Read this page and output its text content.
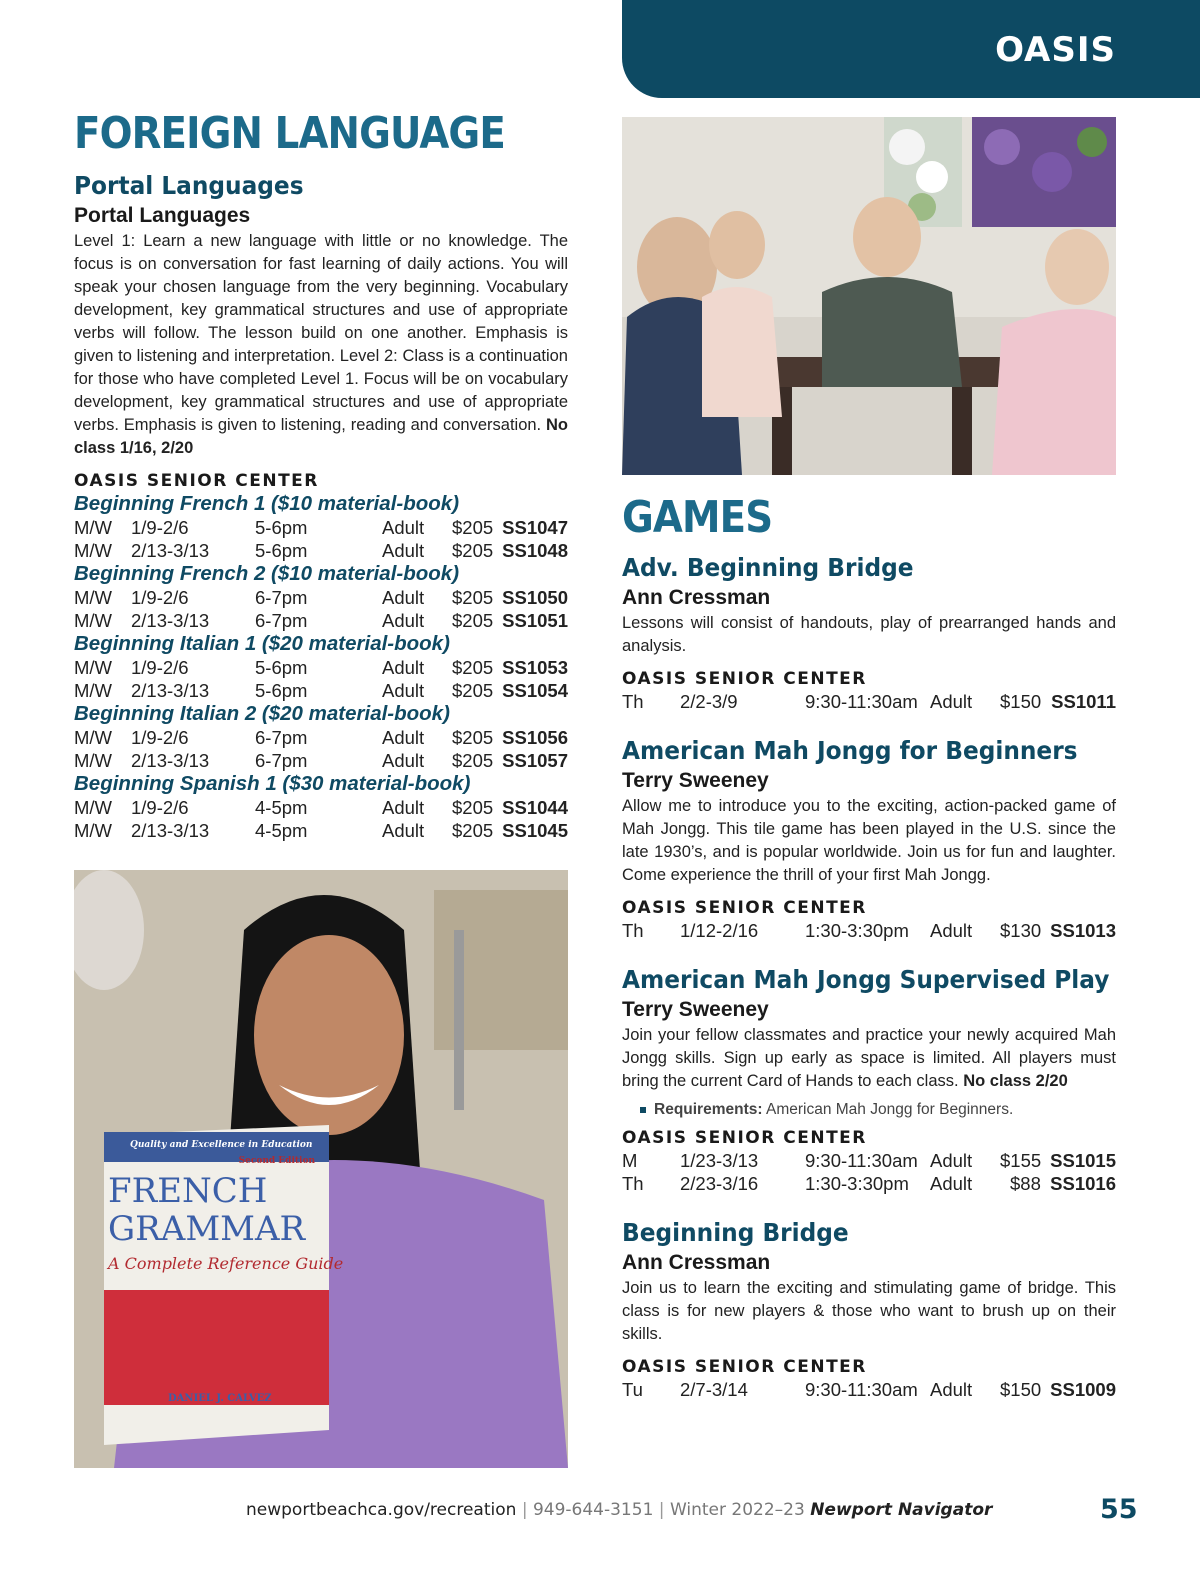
OASIS
FOREIGN LANGUAGE
Portal Languages
Portal Languages
Level 1: Learn a new language with little or no knowledge. The focus is on conversation for fast learning of daily actions. You will speak your chosen language from the very beginning. Vocabulary development, key grammatical structures and use of appropriate verbs will follow. The lesson build on one another. Emphasis is given to listening and interpretation. Level 2: Class is a continuation for those who have completed Level 1. Focus will be on vocabulary development, key grammatical structures and use of appropriate verbs. Emphasis is given to listening, reading and conversation. No class 1/16, 2/20
OASIS SENIOR CENTER
Beginning French 1 ($10 material-book)
M/W 1/9-2/6	5-6pm	Adult $205 SS1047
M/W 2/13-3/13 5-6pm	Adult $205 SS1048
Beginning French 2 ($10 material-book)
M/W 1/9-2/6	6-7pm	Adult $205 SS1050
M/W 2/13-3/13 6-7pm	Adult $205 SS1051
Beginning Italian 1 ($20 material-book)
M/W 1/9-2/6	5-6pm	Adult $205 SS1053
M/W 2/13-3/13 5-6pm	Adult $205 SS1054
Beginning Italian 2 ($20 material-book)
M/W 1/9-2/6	6-7pm	Adult $205 SS1056
M/W 2/13-3/13 6-7pm	Adult $205 SS1057
Beginning Spanish 1 ($30 material-book)
M/W 1/9-2/6	4-5pm	Adult $205 SS1044
M/W 2/13-3/13 4-5pm	Adult $205 SS1045
Quality and Excellence in Education
Second Edition
FRENCH
GRAMMAR
A Complete Reference Guide
DANIEL J. CALVEZ
GAMES
Adv. Beginning Bridge
Ann Cressman
Lessons will consist of handouts, play of prearranged hands and analysis.
OASIS SENIOR CENTER
Th 2/2-3/9	9:30-11:30am Adult $150 SS1011
American Mah Jongg for Beginners
Terry Sweeney
Allow me to introduce you to the exciting, action-packed game of Mah Jongg. This tile game has been played in the U.S. since the late 1930’s, and is popular worldwide. Join us for fun and laughter. Come experience the thrill of your first Mah Jongg.
OASIS SENIOR CENTER
Th 1/12-2/16	1:30-3:30pm Adult $130 SS1013
American Mah Jongg Supervised Play
Terry Sweeney
Join your fellow classmates and practice your newly acquired Mah Jongg skills. Sign up early as space is limited. All players must bring the current Card of Hands to each class. No class 2/20
Requirements: American Mah Jongg for Beginners.
OASIS SENIOR CENTER
M 1/23-3/13	9:30-11:30am Adult $155 SS1015
Th 2/23-3/16	1:30-3:30pm Adult $88 SS1016
Beginning Bridge
Ann Cressman
Join us to learn the exciting and stimulating game of bridge. This class is for new players & those who want to brush up on their skills.
OASIS SENIOR CENTER
Tu 2/7-3/14	9:30-11:30am Adult $150 SS1009
newportbeachca.gov/recreation | 949-644-3151 | Winter 2022–23 Newport Navigator	55
